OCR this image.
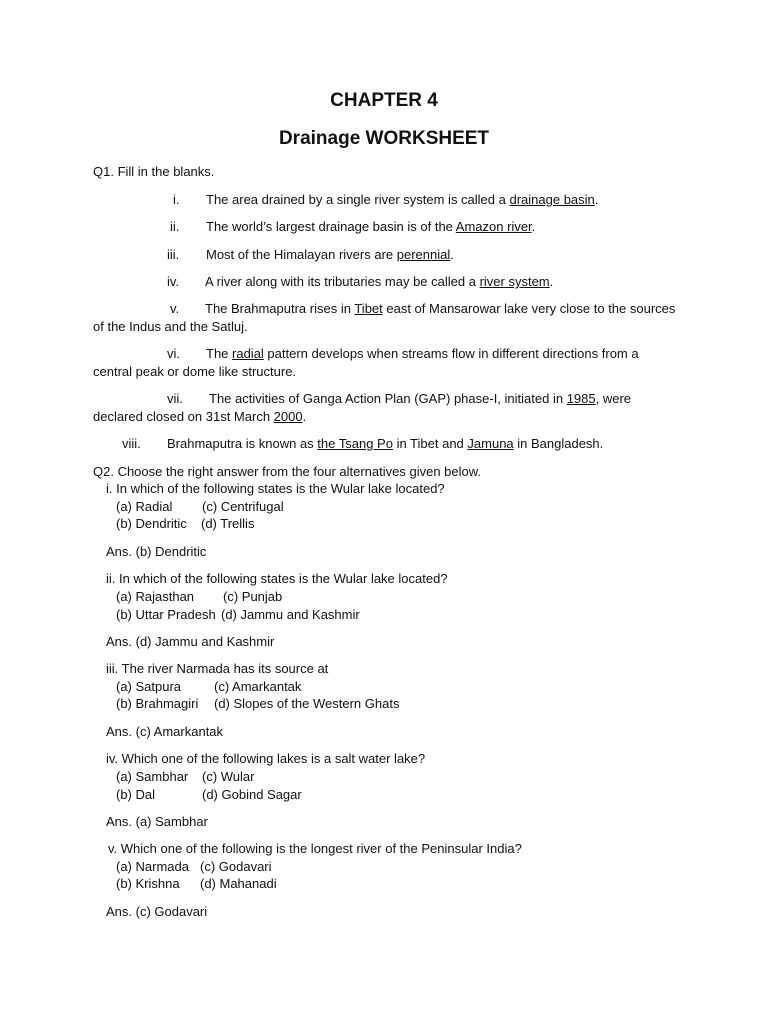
CHAPTER 4
Drainage WORKSHEET
Q1. Fill in the blanks.
i. The area drained by a single river system is called a drainage basin.
ii. The world’s largest drainage basin is of the Amazon river.
iii. Most of the Himalayan rivers are perennial.
iv. A river along with its tributaries may be called a river system.
v. The Brahmaputra rises in Tibet east of Mansarowar lake very close to the sources
of the Indus and the Satluj.
vi. The radial pattern develops when streams flow in different directions from a
central peak or dome like structure.
vii. The activities of Ganga Action Plan (GAP) phase-I, initiated in 1985, were
declared closed on 31st March 2000.
viii. Brahmaputra is known as the Tsang Po in Tibet and Jamuna in Bangladesh.
Q2. Choose the right answer from the four alternatives given below.
i. In which of the following states is the Wular lake located?
(a) Radial (c) Centrifugal
(b) Dendritic (d) Trellis
Ans. (b) Dendritic
ii. In which of the following states is the Wular lake located?
(a) Rajasthan (c) Punjab
(b) Uttar Pradesh (d) Jammu and Kashmir
Ans. (d) Jammu and Kashmir
iii. The river Narmada has its source at
(a) Satpura	(c) Amarkantak
(b) Brahmagiri (d) Slopes of the Western Ghats
Ans. (c) Amarkantak
iv. Which one of the following lakes is a salt water lake?
(a) Sambhar (c) Wular
(b) Dal	(d) Gobind Sagar
Ans. (a) Sambhar
v. Which one of the following is the longest river of the Peninsular India?
(a) Narmada (c) Godavari
(b) Krishna (d) Mahanadi
Ans. (c) Godavari
